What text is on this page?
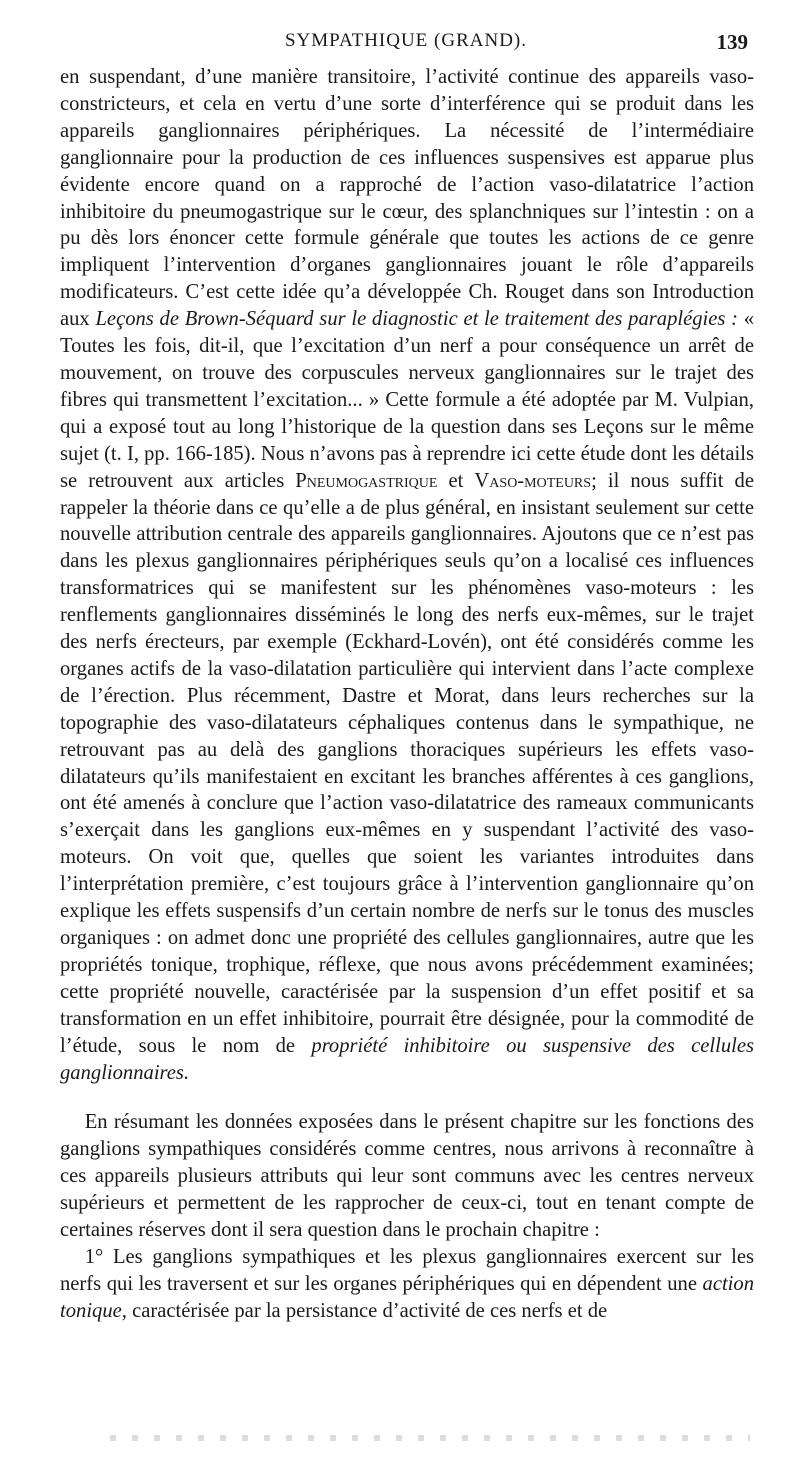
SYMPATHIQUE (GRAND).	139

en suspendant, d’une manière transitoire, l’activité continue des appareils vaso-constricteurs, et cela en vertu d’une sorte d’interférence qui se produit dans les appareils ganglionnaires périphériques. La nécessité de l’intermédiaire ganglionnaire pour la production de ces influences suspensives est apparue plus évidente encore quand on a rapproché de l’action vaso-dilatatrice l’action inhibitoire du pneumogastrique sur le cœur, des splanchniques sur l’intestin : on a pu dès lors énoncer cette formule générale que toutes les actions de ce genre impliquent l’intervention d’organes ganglionnaires jouant le rôle d’appareils modificateurs. C’est cette idée qu’a développée Ch. Rouget dans son Introduction aux Leçons de Brown-Séquard sur le diagnostic et le traitement des paraplégies : « Toutes les fois, dit-il, que l’excitation d’un nerf a pour conséquence un arrêt de mouvement, on trouve des corpuscules nerveux ganglionnaires sur le trajet des fibres qui transmettent l’excitation... » Cette formule a été adoptée par M. Vulpian, qui a exposé tout au long l’historique de la question dans ses Leçons sur le même sujet (t. I, pp. 166-185). Nous n’avons pas à reprendre ici cette étude dont les détails se retrouvent aux articles Pneumogastrique et Vaso-moteurs; il nous suffit de rappeler la théorie dans ce qu’elle a de plus général, en insistant seulement sur cette nouvelle attribution centrale des appareils ganglionnaires. Ajoutons que ce n’est pas dans les plexus ganglionnaires périphériques seuls qu’on a localisé ces influences transformatrices qui se manifestent sur les phénomènes vaso-moteurs : les renflements ganglionnaires disséminés le long des nerfs eux-mêmes, sur le trajet des nerfs érecteurs, par exemple (Eckhard-Lovén), ont été considérés comme les organes actifs de la vaso-dilatation particulière qui intervient dans l’acte complexe de l’érection. Plus récemment, Dastre et Morat, dans leurs recherches sur la topographie des vaso-dilatateurs céphaliques contenus dans le sympathique, ne retrouvant pas au delà des ganglions thoraciques supérieurs les effets vaso-dilatateurs qu’ils manifestaient en excitant les branches afférentes à ces ganglions, ont été amenés à conclure que l’action vaso-dilatatrice des rameaux communicants s’exerçait dans les ganglions eux-mêmes en y suspendant l’activité des vaso-moteurs. On voit que, quelles que soient les variantes introduites dans l’interprétation première, c’est toujours grâce à l’intervention ganglionnaire qu’on explique les effets suspensifs d’un certain nombre de nerfs sur le tonus des muscles organiques : on admet donc une propriété des cellules ganglionnaires, autre que les propriétés tonique, trophique, réflexe, que nous avons précédemment examinées; cette propriété nouvelle, caractérisée par la suspension d’un effet positif et sa transformation en un effet inhibitoire, pourrait être désignée, pour la commodité de l’étude, sous le nom de propriété inhibitoire ou suspensive des cellules ganglionnaires.

En résumant les données exposées dans le présent chapitre sur les fonctions des ganglions sympathiques considérés comme centres, nous arrivons à reconnaître à ces appareils plusieurs attributs qui leur sont communs avec les centres nerveux supérieurs et permettent de les rapprocher de ceux-ci, tout en tenant compte de certaines réserves dont il sera question dans le prochain chapitre :

1° Les ganglions sympathiques et les plexus ganglionnaires exercent sur les nerfs qui les traversent et sur les organes périphériques qui en dépendent une action tonique, caractérisée par la persistance d’activité de ces nerfs et de
